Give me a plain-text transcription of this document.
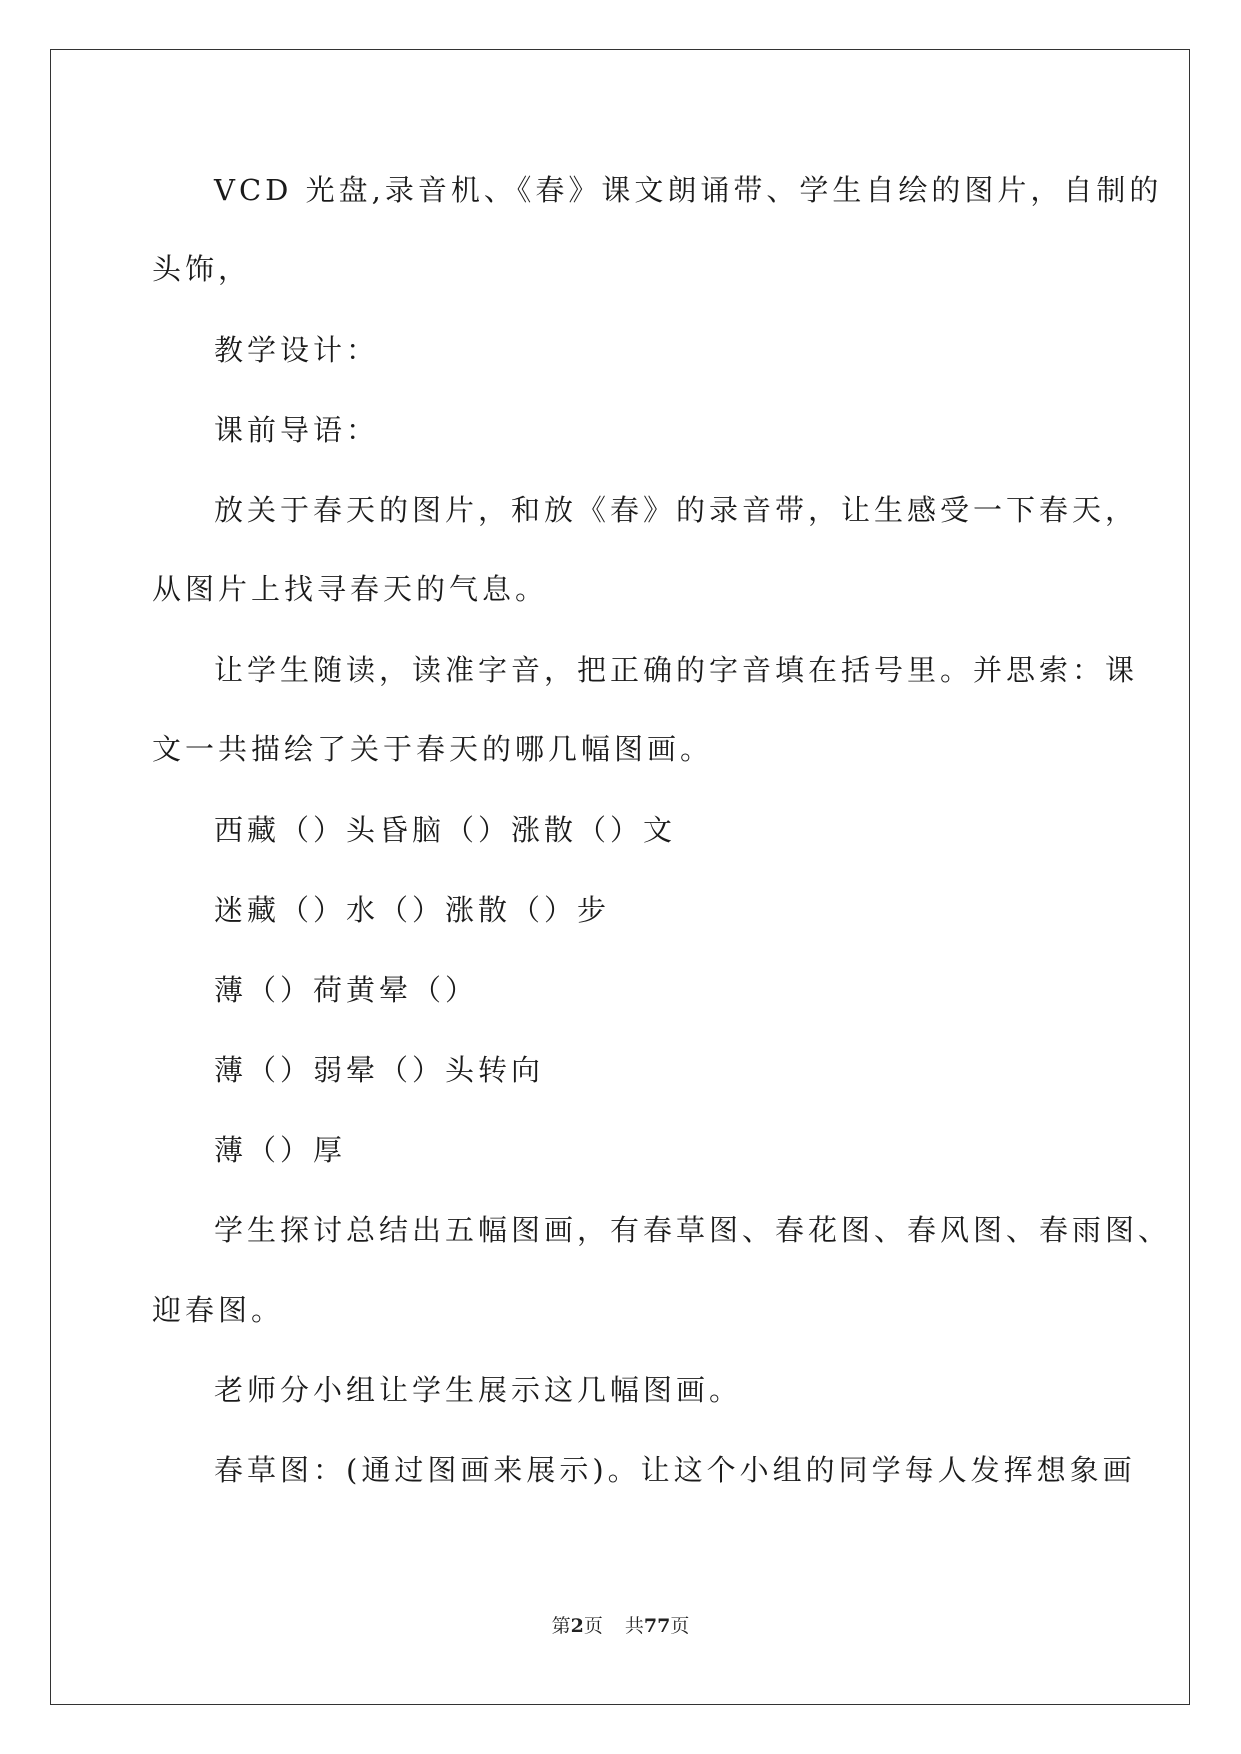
VCD 光盘,录音机、《春》课文朗诵带、学生自绘的图片，自制的
头饰，
教学设计：
课前导语：
放关于春天的图片，和放《春》的录音带，让生感受一下春天，
从图片上找寻春天的气息。
让学生随读，读准字音，把正确的字音填在括号里。并思索：课
文一共描绘了关于春天的哪几幅图画。
西藏（）头昏脑（）涨散（）文
迷藏（）水（）涨散（）步
薄（）荷黄晕（）
薄（）弱晕（）头转向
薄（）厚
学生探讨总结出五幅图画，有春草图、春花图、春风图、春雨图、
迎春图。
老师分小组让学生展示这几幅图画。
春草图：(通过图画来展示)。让这个小组的同学每人发挥想象画
第2页 共77页
